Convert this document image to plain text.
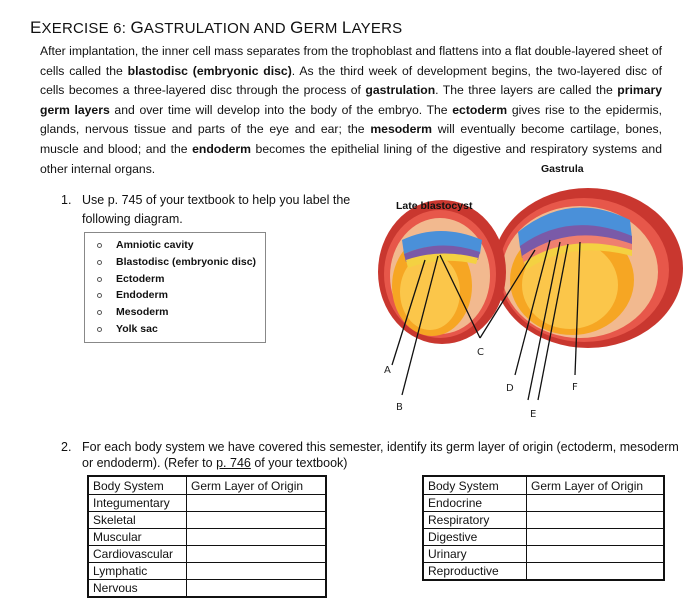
EXERCISE 6: GASTRULATION AND GERM LAYERS
After implantation, the inner cell mass separates from the trophoblast and flattens into a flat double-layered sheet of cells called the blastodisc (embryonic disc). As the third week of development begins, the two-layered disc of cells becomes a three-layered disc through the process of gastrulation. The three layers are called the primary germ layers and over time will develop into the body of the embryo. The ectoderm gives rise to the epidermis, glands, nervous tissue and parts of the eye and ear; the mesoderm will eventually become cartilage, bones, muscle and blood; and the endoderm becomes the epithelial lining of the digestive and respiratory systems and other internal organs.
1. Use p. 745 of your textbook to help you label the following diagram.
Amniotic cavity
Blastodisc (embryonic disc)
Ectoderm
Endoderm
Mesoderm
Yolk sac
A
B
C
D
E
F
Late blastocyst
Gastrula
2. For each body system we have covered this semester, identify its germ layer of origin (ectoderm, mesoderm or endoderm). (Refer to p. 746 of your textbook)
Body System	Germ Layer of Origin
Integumentary	
Skeletal	
Muscular	
Cardiovascular	
Lymphatic	
Nervous	
Body System	Germ Layer of Origin
Endocrine	
Respiratory	
Digestive	
Urinary	
Reproductive	
